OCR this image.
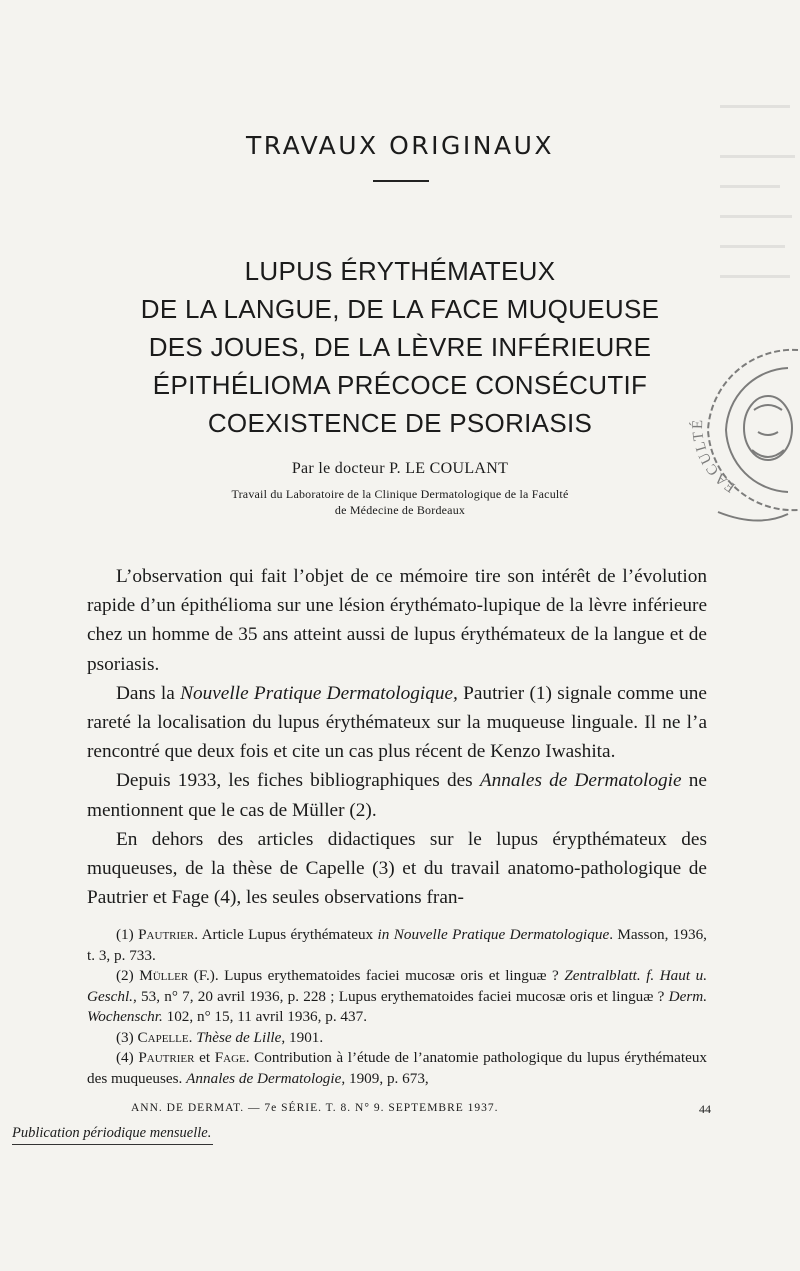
TRAVAUX ORIGINAUX
LUPUS ÉRYTHÉMATEUX
DE LA LANGUE, DE LA FACE MUQUEUSE
DES JOUES, DE LA LÈVRE INFÉRIEURE
ÉPITHÉLIOMA PRÉCOCE CONSÉCUTIF
COEXISTENCE DE PSORIASIS
Par le docteur P. LE COULANT
Travail du Laboratoire de la Clinique Dermatologique de la Faculté
de Médecine de Bordeaux

L’observation qui fait l’objet de ce mémoire tire son intérêt de l’évolution rapide d’un épithélioma sur une lésion érythémato-lupique de la lèvre inférieure chez un homme de 35 ans atteint aussi de lupus érythémateux de la langue et de psoriasis.

Dans la Nouvelle Pratique Dermatologique, Pautrier (1) signale comme une rareté la localisation du lupus érythémateux sur la muqueuse linguale. Il ne l’a rencontré que deux fois et cite un cas plus récent de Kenzo Iwashita.

Depuis 1933, les fiches bibliographiques des Annales de Dermatologie ne mentionnent que le cas de Müller (2).

En dehors des articles didactiques sur le lupus érypthémateux des muqueuses, de la thèse de Capelle (3) et du travail anatomo-pathologique de Pautrier et Fage (4), les seules observations fran-

(1) Pautrier. Article Lupus érythémateux in Nouvelle Pratique Dermatologique. Masson, 1936, t. 3, p. 733.

(2) Müller (F.). Lupus erythematoides faciei mucosæ oris et linguæ ? Zentralblatt. f. Haut u. Geschl., 53, n° 7, 20 avril 1936, p. 228 ; Lupus erythematoides faciei mucosæ oris et linguæ ? Derm. Wochenschr. 102, n° 15, 11 avril 1936, p. 437.

(3) Capelle. Thèse de Lille, 1901.

(4) Pautrier et Fage. Contribution à l’étude de l’anatomie pathologique du lupus érythémateux des muqueuses. Annales de Dermatologie, 1909, p. 673,

ANN. DE DERMAT. — 7e SÉRIE. T. 8. N° 9. SEPTEMBRE 1937.	44
Publication périodique mensuelle.
FACULTÉ
